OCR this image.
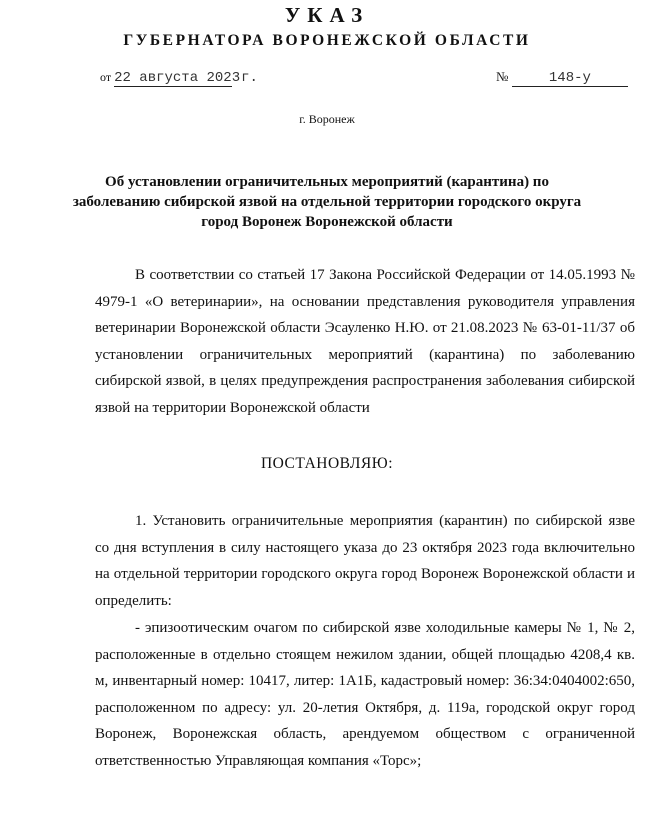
УКАЗ
ГУБЕРНАТОРА ВОРОНЕЖСКОЙ ОБЛАСТИ
от 22 августа 2023 г.	№	148-у
г. Воронеж
Об установлении ограничительных мероприятий (карантина) по заболеванию сибирской язвой на отдельной территории городского округа город Воронеж Воронежской области

В соответствии со статьей 17 Закона Российской Федерации от 14.05.1993 № 4979-1 «О ветеринарии», на основании представления руководителя управления ветеринарии Воронежской области Эсауленко Н.Ю. от 21.08.2023 № 63-01-11/37 об установлении ограничительных мероприятий (карантина) по заболеванию сибирской язвой, в целях предупреждения распространения заболевания сибирской язвой на территории Воронежской области

ПОСТАНОВЛЯЮ:

1. Установить ограничительные мероприятия (карантин) по сибирской язве со дня вступления в силу настоящего указа до 23 октября 2023 года включительно на отдельной территории городского округа город Воронеж Воронежской области и определить:

- эпизоотическим очагом по сибирской язве холодильные камеры № 1, № 2, расположенные в отдельно стоящем нежилом здании, общей площадью 4208,4 кв. м, инвентарный номер: 10417, литер: 1А1Б, кадастровый номер: 36:34:0404002:650, расположенном по адресу: ул. 20-летия Октября, д. 119а, городской округ город Воронеж, Воронежская область, арендуемом обществом с ограниченной ответственностью Управляющая компания «Торс»;
